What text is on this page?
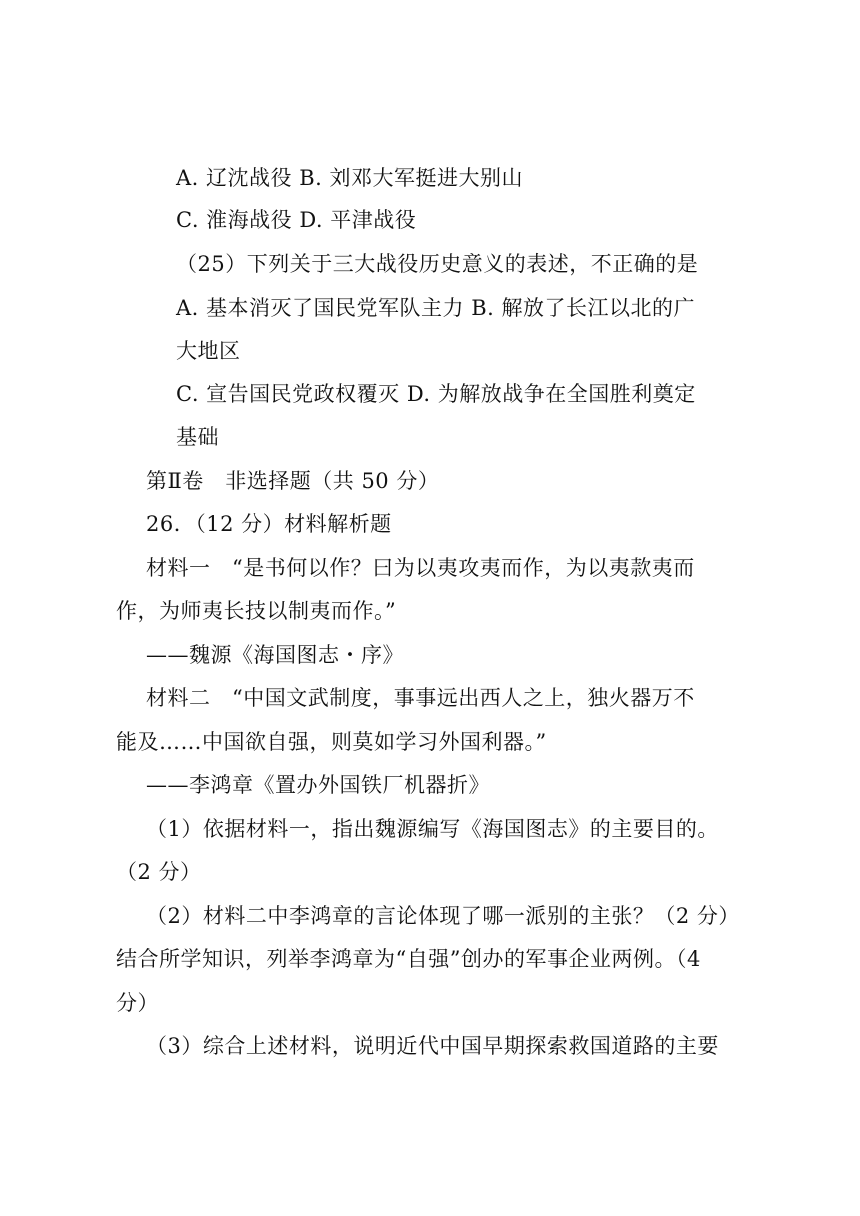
A. 辽沈战役 B. 刘邓大军挺进大别山
C. 淮海战役 D. 平津战役
（25）下列关于三大战役历史意义的表述，不正确的是
A. 基本消灭了国民党军队主力 B. 解放了长江以北的广
大地区
C. 宣告国民党政权覆灭 D. 为解放战争在全国胜利奠定
基础
第Ⅱ卷　非选择题（共 50 分）
26．（12 分）材料解析题
材料一　“是书何以作？曰为以夷攻夷而作，为以夷款夷而
作，为师夷长技以制夷而作。”
——魏源《海国图志・序》
材料二　“中国文武制度，事事远出西人之上，独火器万不
能及……中国欲自强，则莫如学习外国利器。”
——李鸿章《置办外国铁厂机器折》
（1）依据材料一，指出魏源编写《海国图志》的主要目的。
（2 分）
（2）材料二中李鸿章的言论体现了哪一派别的主张？（2 分）
结合所学知识，列举李鸿章为“自强”创办的军事企业两例。（4
分）
（3）综合上述材料，说明近代中国早期探索救国道路的主要
